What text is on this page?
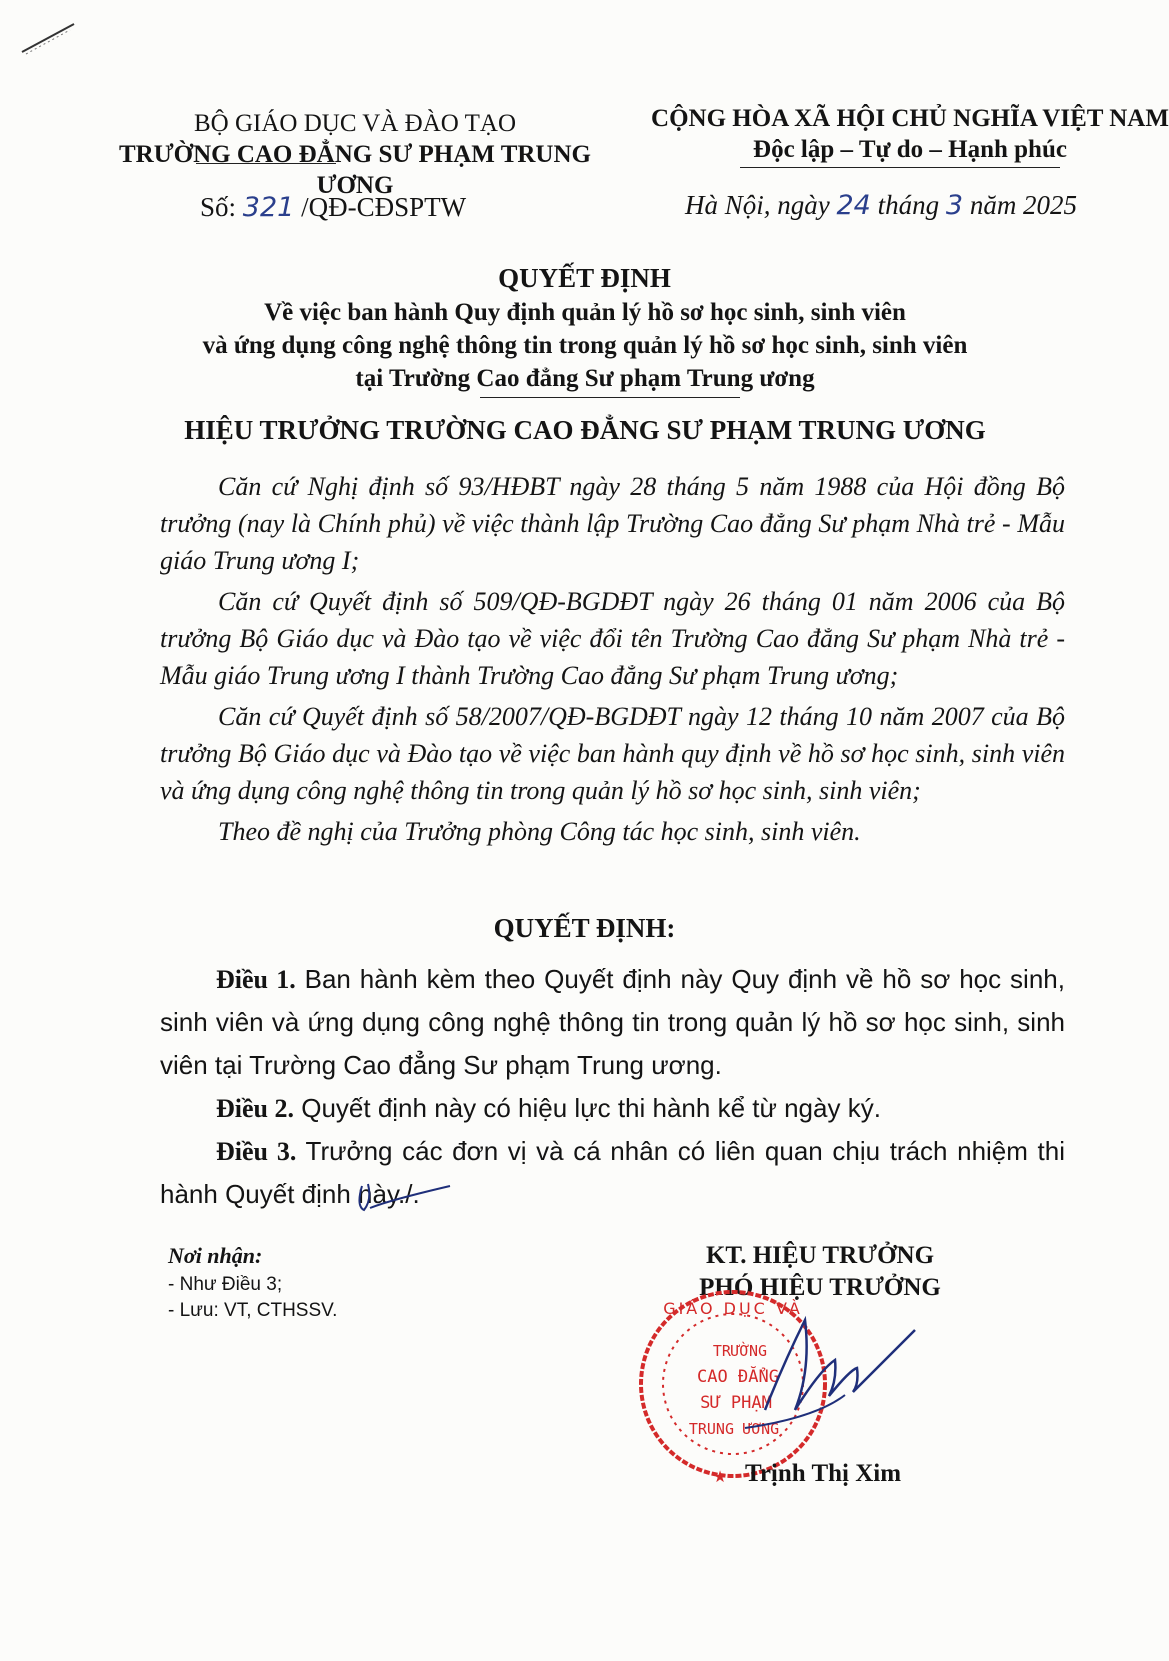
BỘ GIÁO DỤC VÀ ĐÀO TẠO
TRƯỜNG CAO ĐẲNG SƯ PHẠM TRUNG ƯƠNG
CỘNG HÒA XÃ HỘI CHỦ NGHĨA VIỆT NAM
Độc lập – Tự do – Hạnh phúc
Số: 321 /QĐ-CĐSPTW	Hà Nội, ngày 24 tháng 3 năm 2025
QUYẾT ĐỊNH
Về việc ban hành Quy định quản lý hồ sơ học sinh, sinh viên
và ứng dụng công nghệ thông tin trong quản lý hồ sơ học sinh, sinh viên
tại Trường Cao đẳng Sư phạm Trung ương
HIỆU TRƯỞNG TRƯỜNG CAO ĐẲNG SƯ PHẠM TRUNG ƯƠNG

Căn cứ Nghị định số 93/HĐBT ngày 28 tháng 5 năm 1988 của Hội đồng Bộ trưởng (nay là Chính phủ) về việc thành lập Trường Cao đẳng Sư phạm Nhà trẻ - Mẫu giáo Trung ương I;

Căn cứ Quyết định số 509/QĐ-BGDĐT ngày 26 tháng 01 năm 2006 của Bộ trưởng Bộ Giáo dục và Đào tạo về việc đổi tên Trường Cao đẳng Sư phạm Nhà trẻ - Mẫu giáo Trung ương I thành Trường Cao đẳng Sư phạm Trung ương;

Căn cứ Quyết định số 58/2007/QĐ-BGDĐT ngày 12 tháng 10 năm 2007 của Bộ trưởng Bộ Giáo dục và Đào tạo về việc ban hành quy định về hồ sơ học sinh, sinh viên và ứng dụng công nghệ thông tin trong quản lý hồ sơ học sinh, sinh viên;

Theo đề nghị của Trưởng phòng Công tác học sinh, sinh viên.

QUYẾT ĐỊNH:

Điều 1. Ban hành kèm theo Quyết định này Quy định về hồ sơ học sinh, sinh viên và ứng dụng công nghệ thông tin trong quản lý hồ sơ học sinh, sinh viên tại Trường Cao đẳng Sư phạm Trung ương.

Điều 2. Quyết định này có hiệu lực thi hành kể từ ngày ký.

Điều 3. Trưởng các đơn vị và cá nhân có liên quan chịu trách nhiệm thi hành Quyết định này./.

Nơi nhận:
- Như Điều 3;
- Lưu: VT, CTHSSV.
KT. HIỆU TRƯỞNG
PHÓ HIỆU TRƯỞNG
GIÁO DỤC VÀ
TRƯỜNG
CAO ĐẲNG
SƯ PHẠM
TRUNG ƯƠNG
★ Trịnh Thị Xim
